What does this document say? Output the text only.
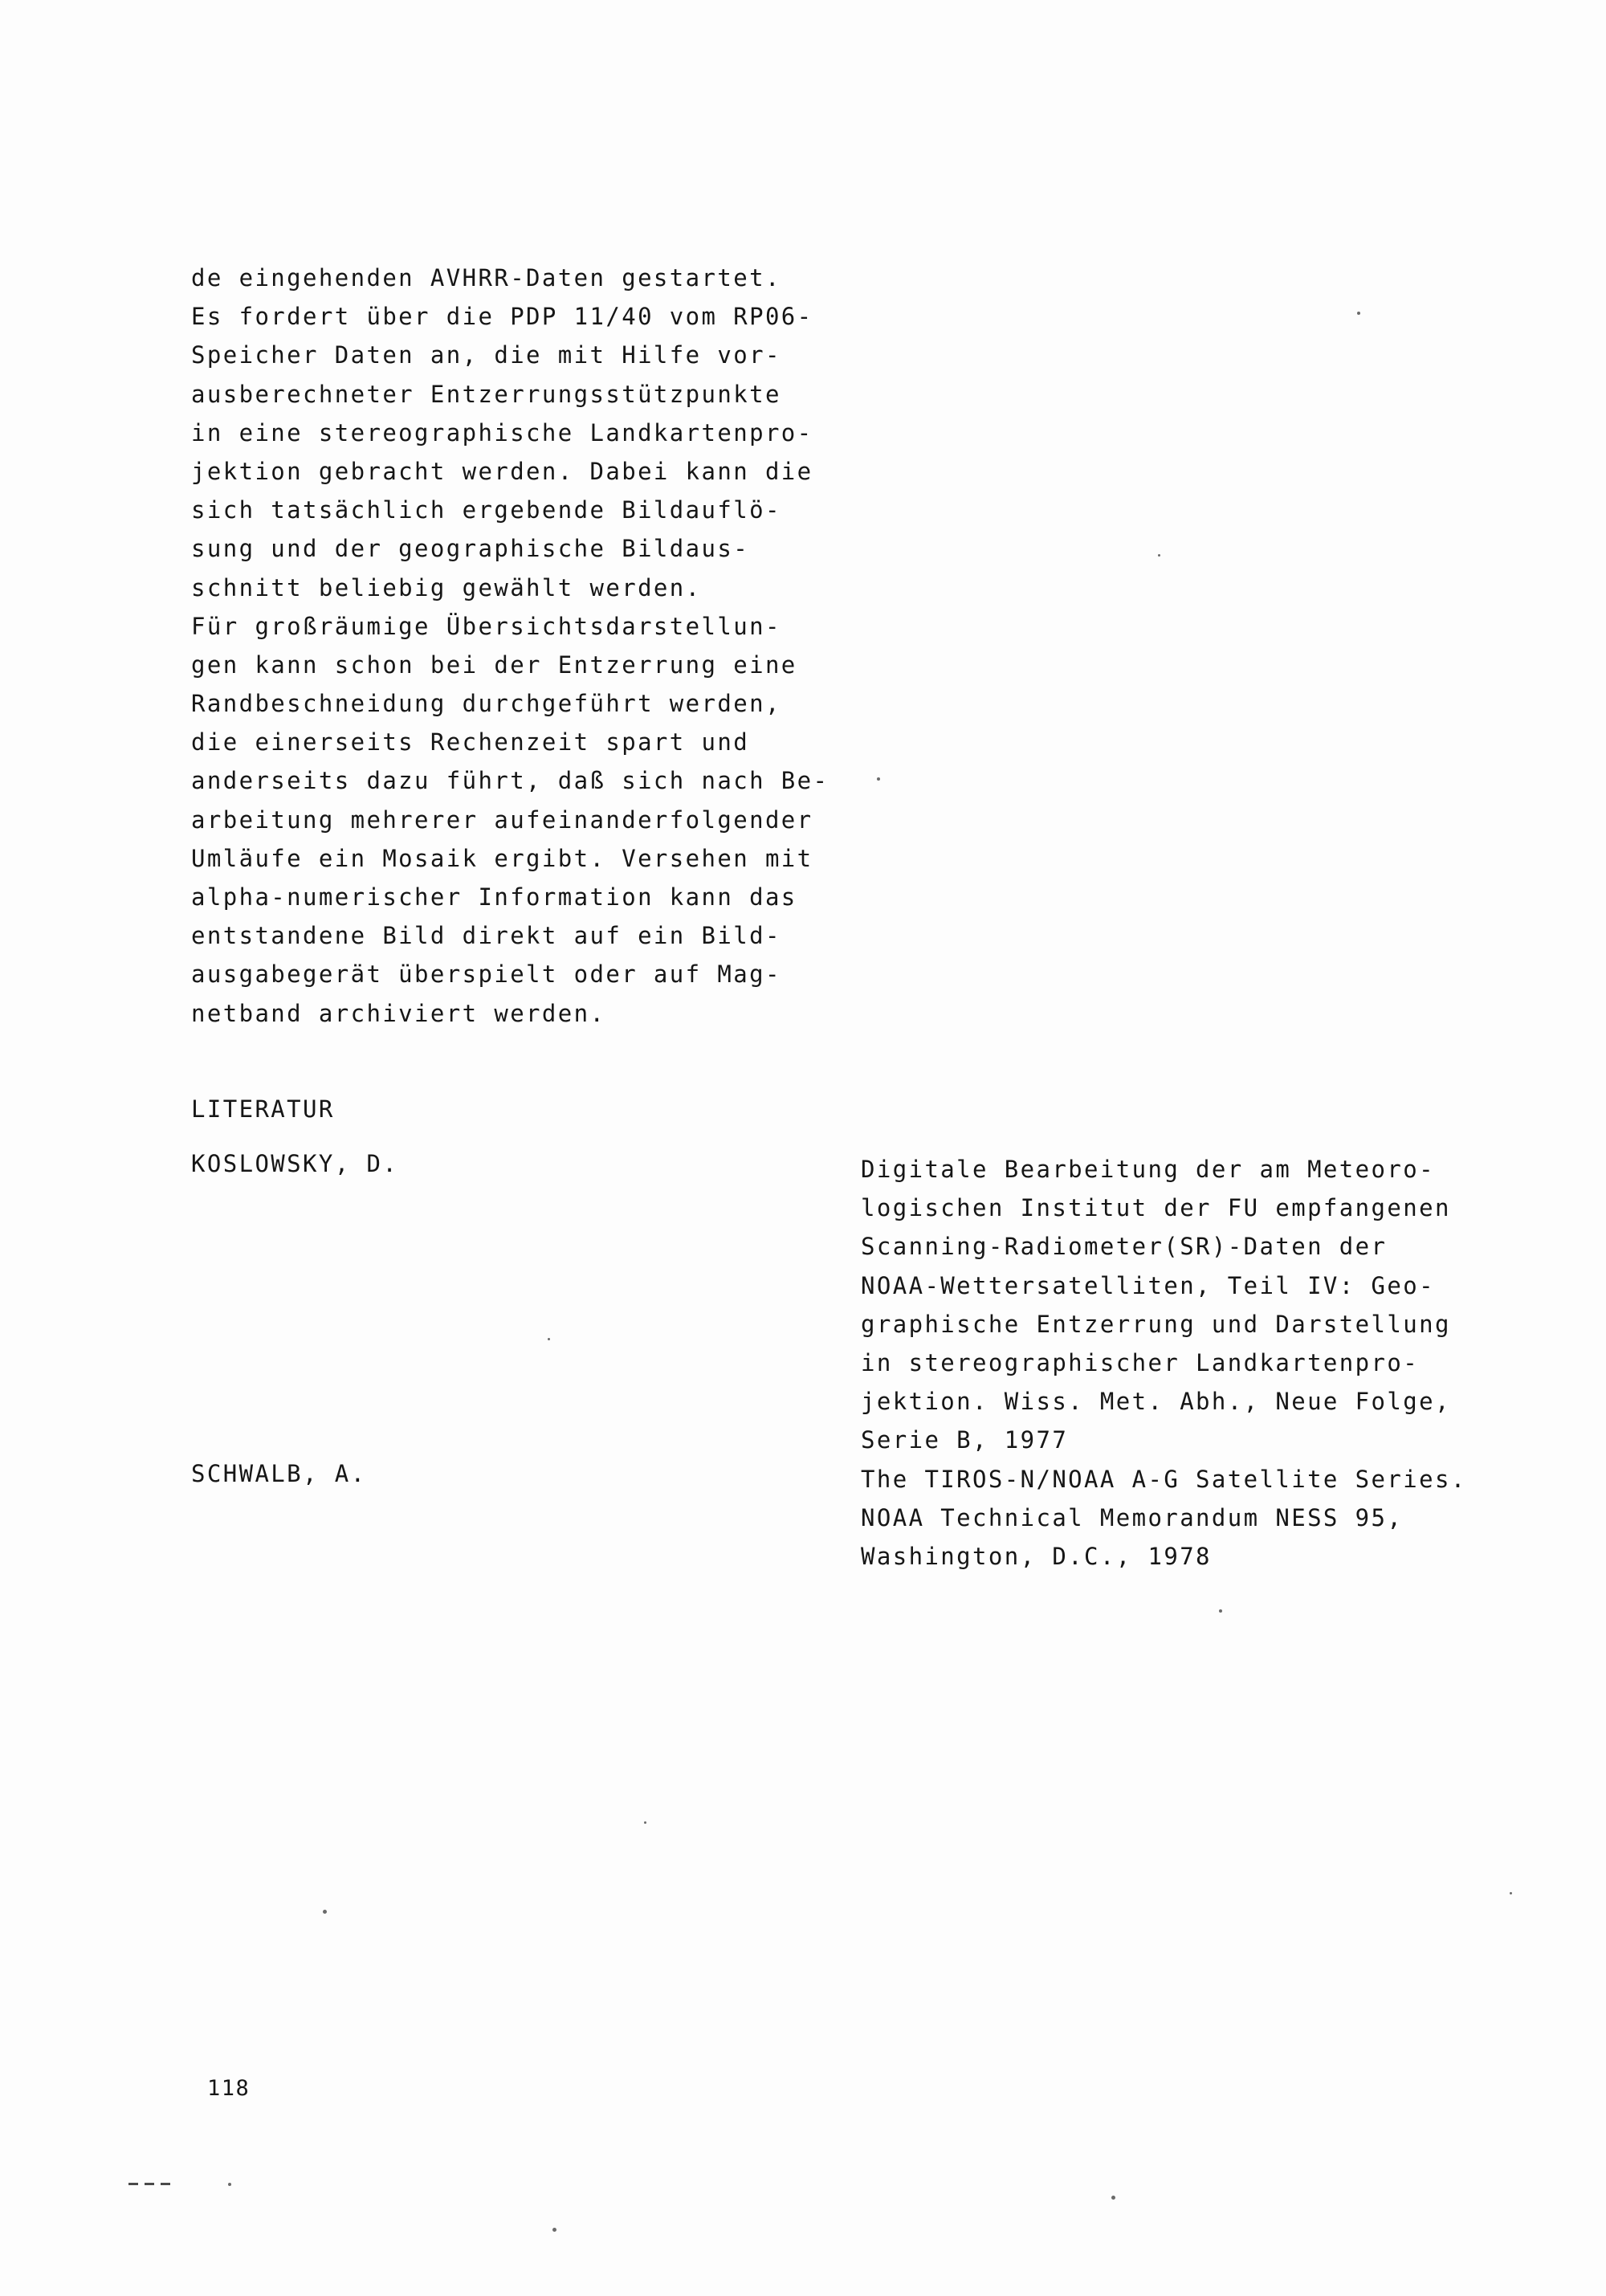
de eingehenden AVHRR-Daten gestartet.
Es fordert über die PDP 11/40 vom RP06-
Speicher Daten an, die mit Hilfe vor-
ausberechneter Entzerrungsstützpunkte
in eine stereographische Landkartenpro-
jektion gebracht werden. Dabei kann die
sich tatsächlich ergebende Bildauflö-
sung und der geographische Bildaus-
schnitt beliebig gewählt werden.
Für großräumige Übersichtsdarstellun-
gen kann schon bei der Entzerrung eine
Randbeschneidung durchgeführt werden,
die einerseits Rechenzeit spart und
anderseits dazu führt, daß sich nach Be-
arbeitung mehrerer aufeinanderfolgender
Umläufe ein Mosaik ergibt. Versehen mit
alpha-numerischer Information kann das
entstandene Bild direkt auf ein Bild-
ausgabegerät überspielt oder auf Mag-
netband archiviert werden.
LITERATUR
KOSLOWSKY, D.	Digitale Bearbeitung der am Meteoro-
logischen Institut der FU empfangenen
Scanning-Radiometer(SR)-Daten der
NOAA-Wettersatelliten, Teil IV: Geo-
graphische Entzerrung und Darstellung
in stereographischer Landkartenpro-
jektion. Wiss. Met. Abh., Neue Folge,
Serie B, 1977
SCHWALB, A.	The TIROS-N/NOAA A-G Satellite Series.
NOAA Technical Memorandum NESS 95,
Washington, D.C., 1978
118
